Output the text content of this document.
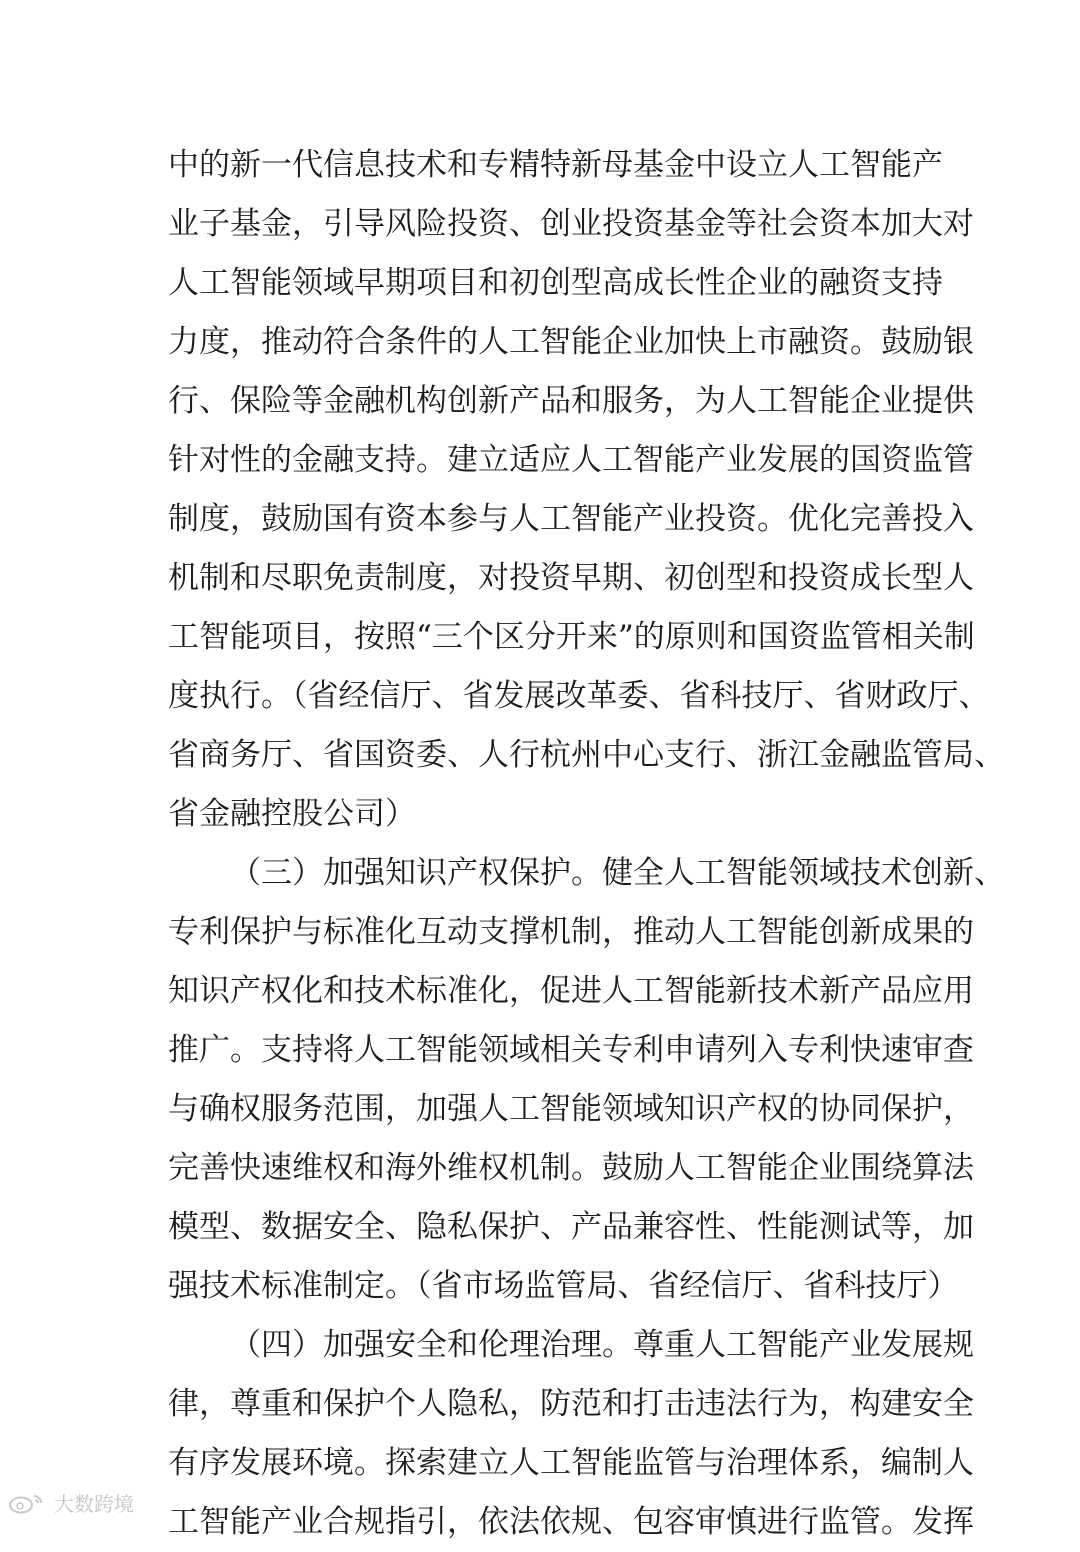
中的新一代信息技术和专精特新母基金中设立人工智能产
业子基金，引导风险投资、创业投资基金等社会资本加大对
人工智能领域早期项目和初创型高成长性企业的融资支持
力度，推动符合条件的人工智能企业加快上市融资。鼓励银
行、保险等金融机构创新产品和服务，为人工智能企业提供
针对性的金融支持。建立适应人工智能产业发展的国资监管
制度，鼓励国有资本参与人工智能产业投资。优化完善投入
机制和尽职免责制度，对投资早期、初创型和投资成长型人
工智能项目，按照“三个区分开来”的原则和国资监管相关制
度执行。（省经信厅、省发展改革委、省科技厅、省财政厅、
省商务厅、省国资委、人行杭州中心支行、浙江金融监管局、
省金融控股公司）
（三）加强知识产权保护。健全人工智能领域技术创新、
专利保护与标准化互动支撑机制，推动人工智能创新成果的
知识产权化和技术标准化，促进人工智能新技术新产品应用
推广。支持将人工智能领域相关专利申请列入专利快速审查
与确权服务范围，加强人工智能领域知识产权的协同保护，
完善快速维权和海外维权机制。鼓励人工智能企业围绕算法
模型、数据安全、隐私保护、产品兼容性、性能测试等，加
强技术标准制定。（省市场监管局、省经信厅、省科技厅）
（四）加强安全和伦理治理。尊重人工智能产业发展规
律，尊重和保护个人隐私，防范和打击违法行为，构建安全
有序发展环境。探索建立人工智能监管与治理体系，编制人
工智能产业合规指引，依法依规、包容审慎进行监管。发挥
大数跨境
